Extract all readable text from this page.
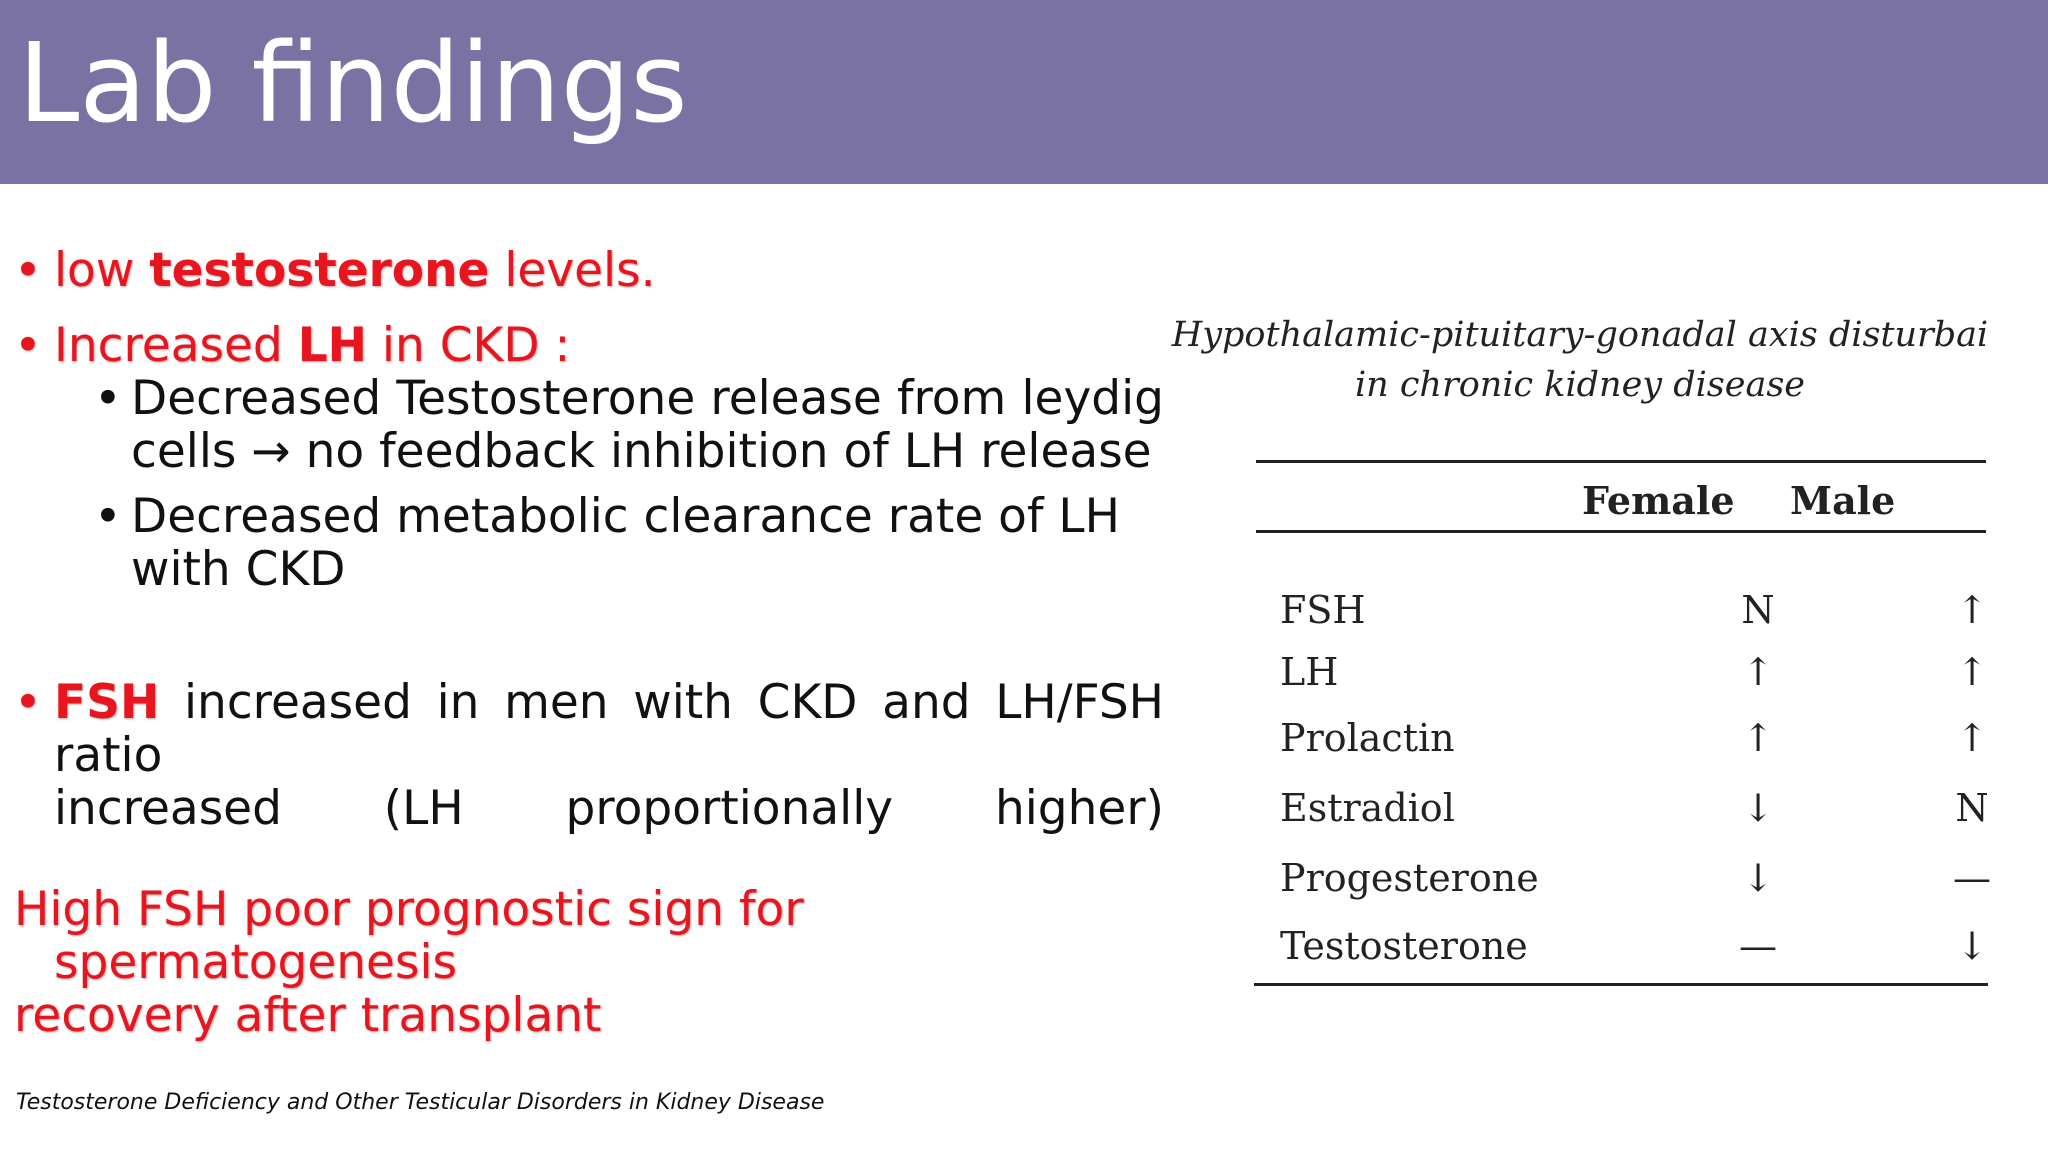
Lab findings
• low testosterone levels.
• Increased LH in CKD :
• Decreased Testosterone release from leydig
cells → no feedback inhibition of LH release
• Decreased metabolic clearance rate of LH
with CKD
• FSH increased in men with CKD and LH/FSH ratio
increased (LH proportionally higher)
High FSH poor prognostic sign for spermatogenesis
recovery after transplant
Hypothalamic-pituitary-gonadal axis disturbai
in chronic kidney disease
Female Male
FSH	N	↑
LH	↑	↑
Prolactin	↑	↑
Estradiol	↓	N
Progesterone	↓	—
Testosterone	—	↓
Testosterone Deficiency and Other Testicular Disorders in Kidney Disease
